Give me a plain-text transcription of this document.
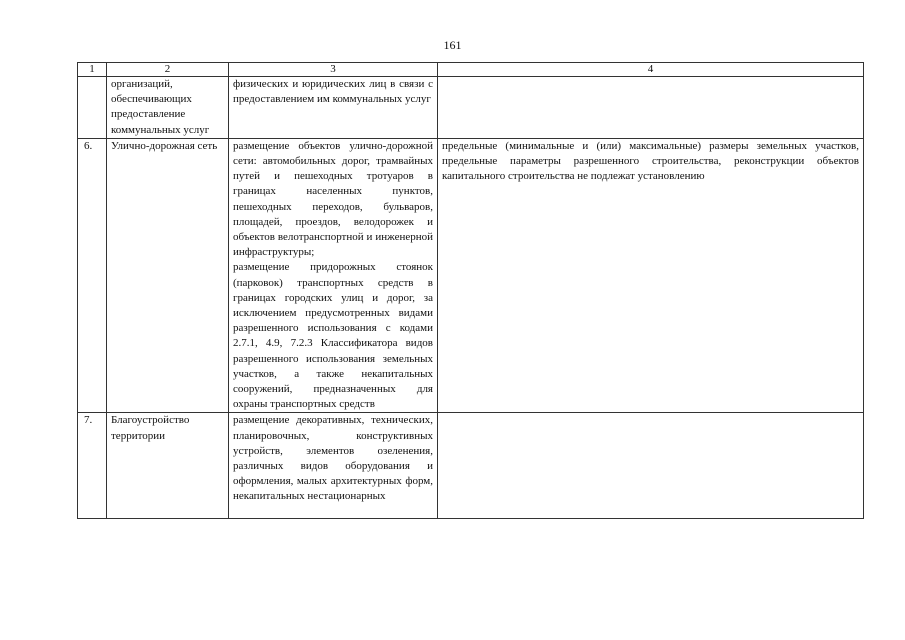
161
1	2	3	4
	организаций, обеспечивающих предоставление коммунальных услуг	физических и юридических лиц в связи с предоставлением им коммунальных услуг	
6.	Улично-дорожная сеть	размещение объектов улично-дорожной сети: автомобильных дорог, трамвайных путей и пешеходных тротуаров в границах населенных пунктов, пешеходных переходов, бульваров, площадей, проездов, велодорожек и объектов велотранспортной и инженерной инфраструктуры;

размещение придорожных стоянок (парковок) транспортных средств в границах городских улиц и дорог, за исключением предусмотренных видами разрешенного использования с кодами 2.7.1, 4.9, 7.2.3 Классификатора видов разрешенного использования земельных участков, а также некапитальных сооружений, предназначенных для охраны транспортных средств	предельные (минимальные и (или) максимальные) размеры земельных участков, предельные параметры разрешенного строительства, реконструкции объектов капитального строительства не подлежат установлению
7.	Благоустройство территории	размещение декоративных, технических, планировочных, конструктивных устройств, элементов озеленения, различных видов оборудования и оформления, малых архитектурных форм, некапитальных нестационарных	
